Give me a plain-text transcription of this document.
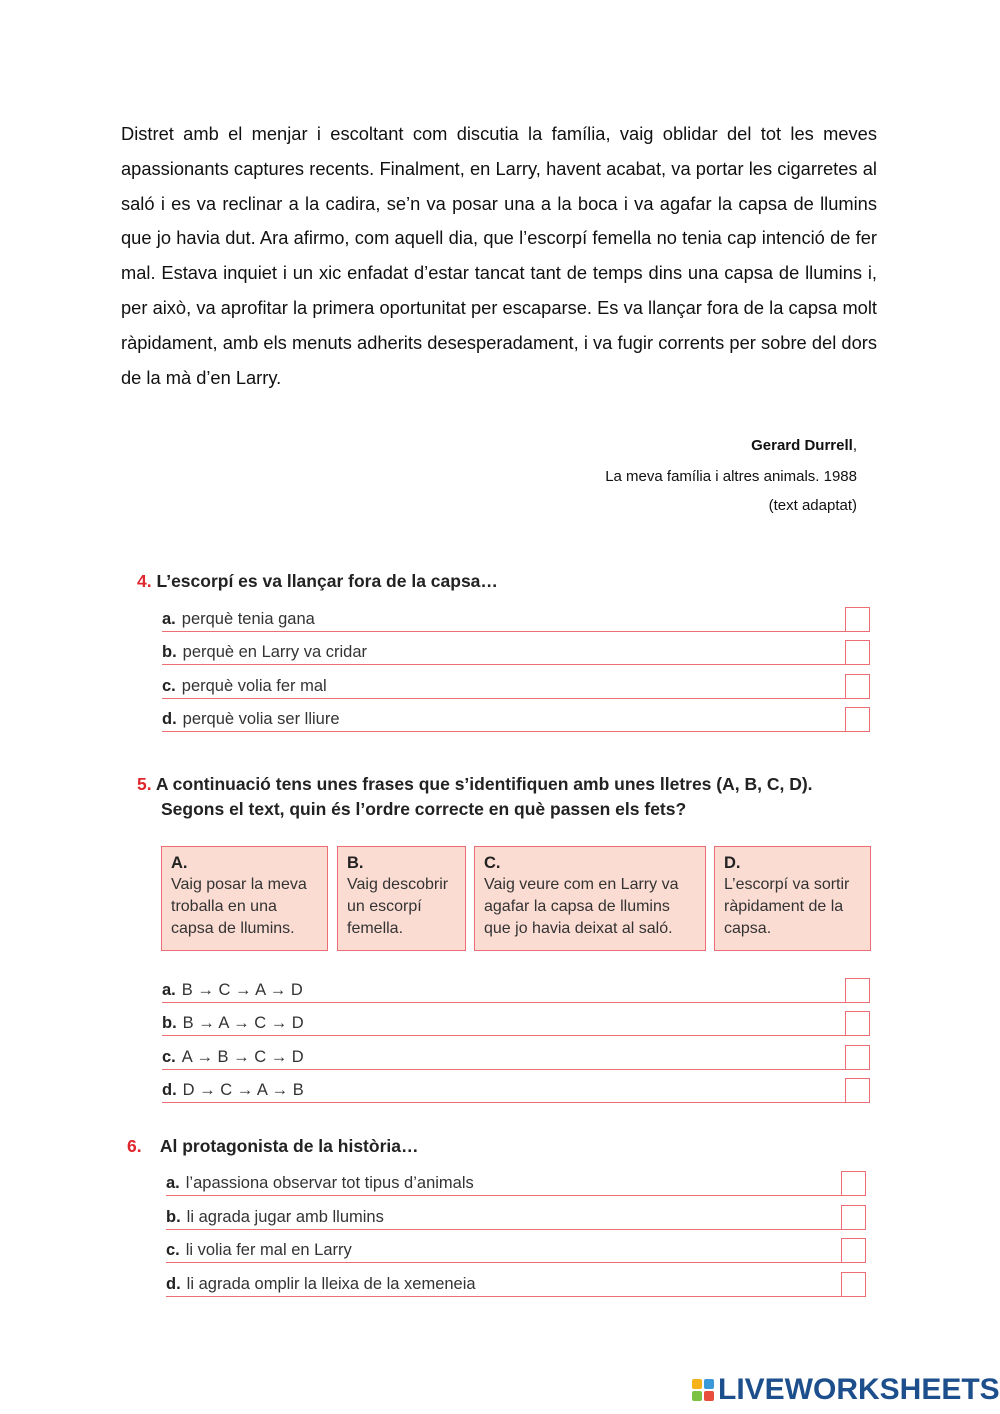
Distret amb el menjar i escoltant com discutia la família, vaig oblidar del tot les meves apassionants captures recents. Finalment, en Larry, havent acabat, va portar les cigarretes al saló i es va reclinar a la cadira, se’n va posar una a la boca i va agafar la capsa de llumins que jo havia dut. Ara afirmo, com aquell dia, que l’escorpí femella no tenia cap intenció de fer mal. Estava inquiet i un xic enfadat d’estar tancat tant de temps dins una capsa de llumins i, per això, va aprofitar la primera oportunitat per escaparse. Es va llançar fora de la capsa molt ràpidament, amb els menuts adherits desesperadament, i va fugir corrents per sobre del dors de la mà d’en Larry.

Gerard Durrell,
La meva família i altres animals. 1988
(text adaptat)
4. L’escorpí es va llançar fora de la capsa…
a. perquè tenia gana
b. perquè en Larry va cridar
c. perquè volia fer mal
d. perquè volia ser lliure
5. A continuació tens unes frases que s’identifiquen amb unes lletres (A, B, C, D).
Segons el text, quin és l’ordre correcte en què passen els fets?
A.
Vaig posar la meva troballa en una capsa de llumins.
B.
Vaig descobrir un escorpí femella.
C.
Vaig veure com en Larry va agafar la capsa de llumins que jo havia deixat al saló.
D.
L’escorpí va sortir ràpidament de la capsa.
a. B → C → A → D
b. B → A → C → D
c. A → B → C → D
d. D → C → A → B
6. Al protagonista de la història…
a. l’apassiona observar tot tipus d’animals
b. li agrada jugar amb llumins
c. li volia fer mal en Larry
d. li agrada omplir la lleixa de la xemeneia
LIVEWORKSHEETS
